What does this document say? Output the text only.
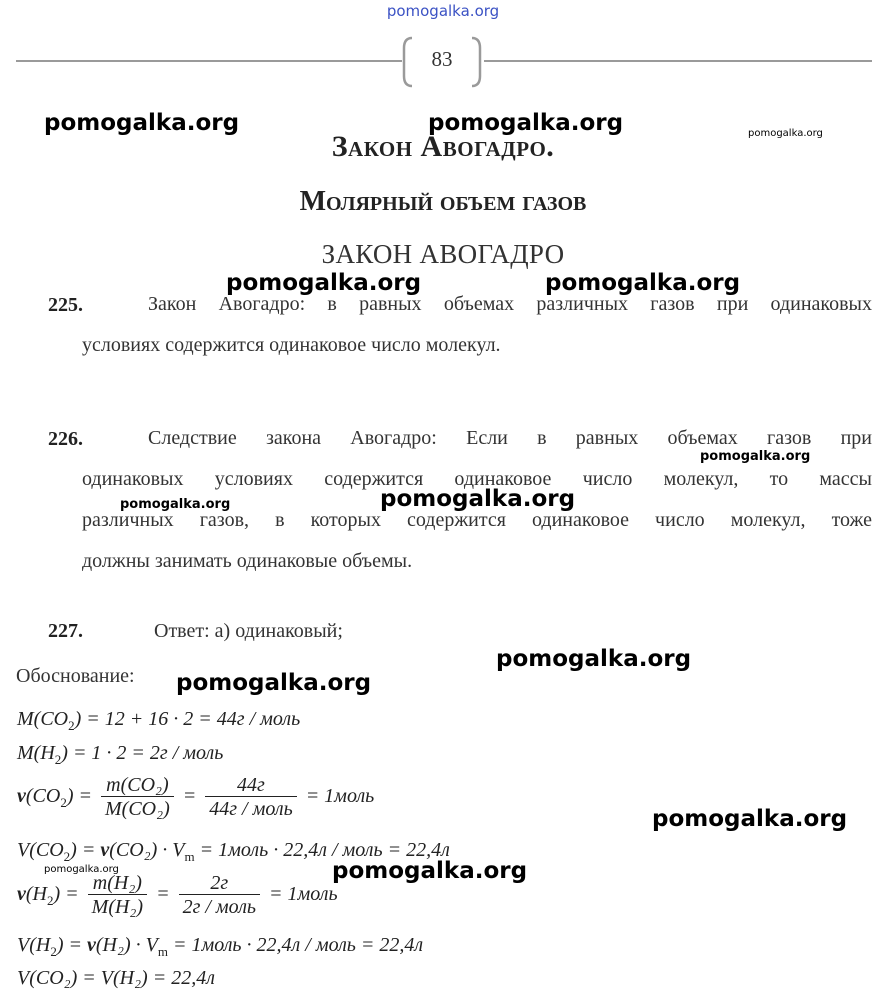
pomogalka.org
83
Закон Авогадро.
Молярный объем газов
ЗАКОН АВОГАДРО
225.	Закон Авогадро: в равных объемах различных газов при одинаковых
условиях содержится одинаковое число молекул.
226.	Следствие закона Авогадро: Если в равных объемах газов при
одинаковых условиях содержится одинаковое число молекул, то массы
различных газов, в которых содержится одинаковое число молекул, тоже
должны занимать одинаковые объемы.
227.	Ответ: а) одинаковый;
Обоснование:
$M(CO_2) = 12 + 16 \cdot 2 = 44г$ / моль
$M(H_2) = 1 \cdot 2 = 2г$ / моль
$\nu(CO_2) = \frac{\text{m(CO₂)}}{\text{M(CO₂)}} = \frac{44г}{\text{44г / моль}}$ = 1моль
$V(CO_2) = \nu(CO_2) \cdot V_m$ = 1моль · 22,4л / моль = 22,4л
$\nu(H_2) = \frac{\text{m(H₂)}}{\text{M(H₂)}} = \frac{2г}{\text{2г / моль}}$ = 1моль
$V(H_2) = \nu(H_2) \cdot V_m$ = 1моль · 22,4л / моль = 22,4л
V(CO₂) = V(H₂) = 22,4л
pomogalka.org	pomogalka.org	pomogalka.org
pomogalka.org	pomogalka.org
pomogalka.org
pomogalka.org	pomogalka.org
pomogalka.org
pomogalka.org
pomogalka.org
pomogalka.org	pomogalka.org
